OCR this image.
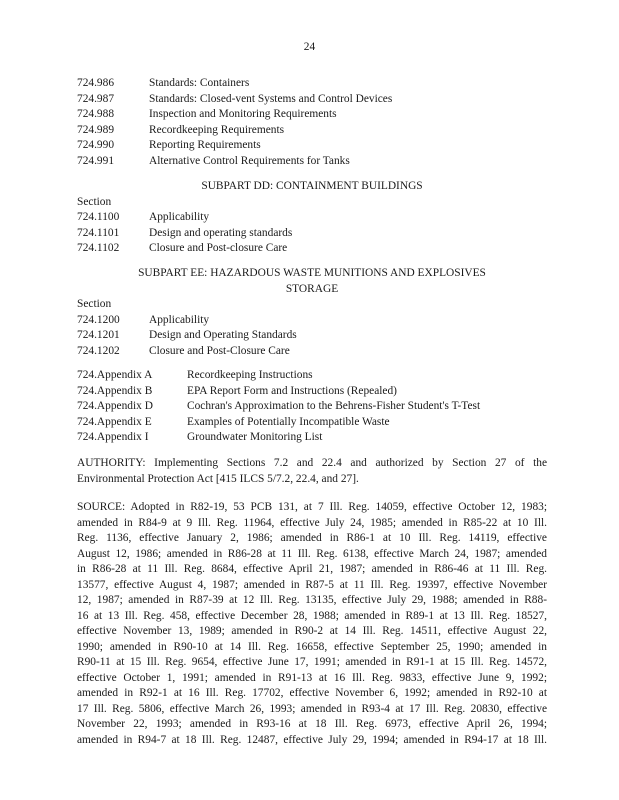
24
724.986	Standards: Containers
724.987	Standards: Closed-vent Systems and Control Devices
724.988	Inspection and Monitoring Requirements
724.989	Recordkeeping Requirements
724.990	Reporting Requirements
724.991	Alternative Control Requirements for Tanks
SUBPART DD: CONTAINMENT BUILDINGS
Section
724.1100	Applicability
724.1101	Design and operating standards
724.1102	Closure and Post-closure Care
SUBPART EE: HAZARDOUS WASTE MUNITIONS AND EXPLOSIVES
STORAGE
Section
724.1200	Applicability
724.1201	Design and Operating Standards
724.1202	Closure and Post-Closure Care
724.Appendix A	Recordkeeping Instructions
724.Appendix B	EPA Report Form and Instructions (Repealed)
724.Appendix D	Cochran's Approximation to the Behrens-Fisher Student's T-Test
724.Appendix E	Examples of Potentially Incompatible Waste
724.Appendix I	Groundwater Monitoring List
AUTHORITY: Implementing Sections 7.2 and 22.4 and authorized by Section 27 of the
Environmental Protection Act [415 ILCS 5/7.2, 22.4, and 27].
SOURCE: Adopted in R82-19, 53 PCB 131, at 7 Ill. Reg. 14059, effective October 12, 1983;
amended in R84-9 at 9 Ill. Reg. 11964, effective July 24, 1985; amended in R85-22 at 10 Ill.
Reg. 1136, effective January 2, 1986; amended in R86-1 at 10 Ill. Reg. 14119, effective
August 12, 1986; amended in R86-28 at 11 Ill. Reg. 6138, effective March 24, 1987; amended
in R86-28 at 11 Ill. Reg. 8684, effective April 21, 1987; amended in R86-46 at 11 Ill. Reg.
13577, effective August 4, 1987; amended in R87-5 at 11 Ill. Reg. 19397, effective November
12, 1987; amended in R87-39 at 12 Ill. Reg. 13135, effective July 29, 1988; amended in R88-
16 at 13 Ill. Reg. 458, effective December 28, 1988; amended in R89-1 at 13 Ill. Reg. 18527,
effective November 13, 1989; amended in R90-2 at 14 Ill. Reg. 14511, effective August 22,
1990; amended in R90-10 at 14 Ill. Reg. 16658, effective September 25, 1990; amended in
R90-11 at 15 Ill. Reg. 9654, effective June 17, 1991; amended in R91-1 at 15 Ill. Reg. 14572,
effective October 1, 1991; amended in R91-13 at 16 Ill. Reg. 9833, effective June 9, 1992;
amended in R92-1 at 16 Ill. Reg. 17702, effective November 6, 1992; amended in R92-10 at
17 Ill. Reg. 5806, effective March 26, 1993; amended in R93-4 at 17 Ill. Reg. 20830, effective
November 22, 1993; amended in R93-16 at 18 Ill. Reg. 6973, effective April 26, 1994;
amended in R94-7 at 18 Ill. Reg. 12487, effective July 29, 1994; amended in R94-17 at 18 Ill.
